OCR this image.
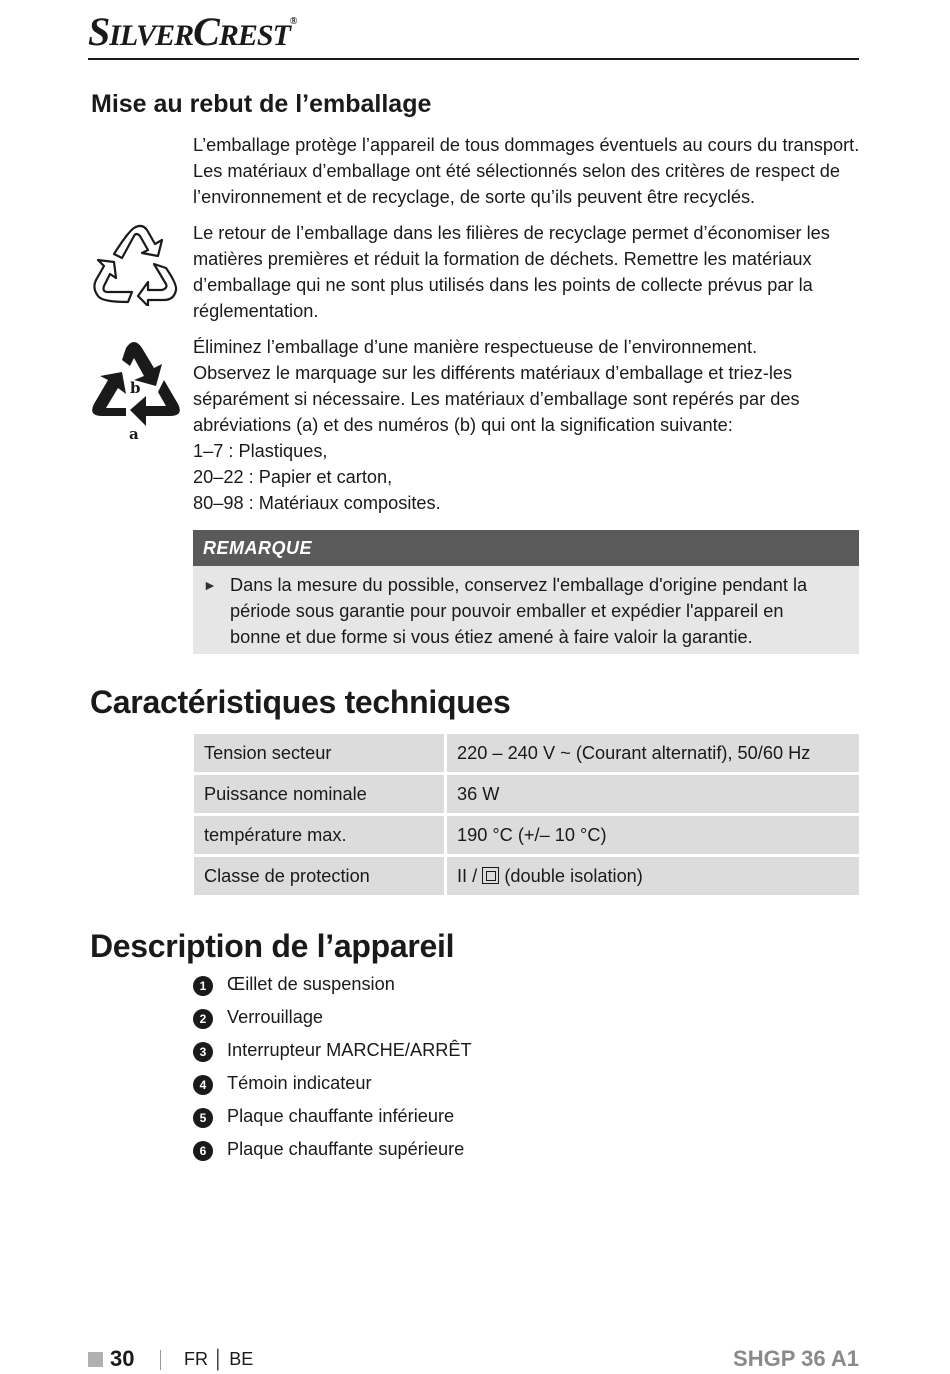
SILVERCREST®
Mise au rebut de l’emballage
L’emballage protège l’appareil de tous dommages éventuels au cours du transport.
Les matériaux d’emballage ont été sélectionnés selon des critères de respect de
l’environnement et de recyclage, de sorte qu’ils peuvent être recyclés.
Le retour de l’emballage dans les filières de recyclage permet d’économiser les
matières premières et réduit la formation de déchets. Remettre les matériaux
d’emballage qui ne sont plus utilisés dans les points de collecte prévus par la
réglementation.
b
a
Éliminez l’emballage d’une manière respectueuse de l’environnement.
Observez le marquage sur les différents matériaux d’emballage et triez-les
séparément si nécessaire. Les matériaux d’emballage sont repérés par des
abréviations (a) et des numéros (b) qui ont la signification suivante:
1–7 : Plastiques,
20–22 : Papier et carton,
80–98 : Matériaux composites.
REMARQUE
► Dans la mesure du possible, conservez l'emballage d'origine pendant la
période sous garantie pour pouvoir emballer et expédier l'appareil en
bonne et due forme si vous étiez amené à faire valoir la garantie.
Caractéristiques techniques
Tension secteur	220 – 240 V ~ (Courant alternatif), 50/60 Hz
Puissance nominale	36 W
température max.	190 °C (+/– 10 °C)
Classe de protection	II / (double isolation)
Description de l’appareil
1	Œillet de suspension
2	Verrouillage
3	Interrupteur MARCHE/ARRÊT
4	Témoin indicateur
5	Plaque chauffante inférieure
6	Plaque chauffante supérieure
30	FR │ BE	SHGP 36 A1
